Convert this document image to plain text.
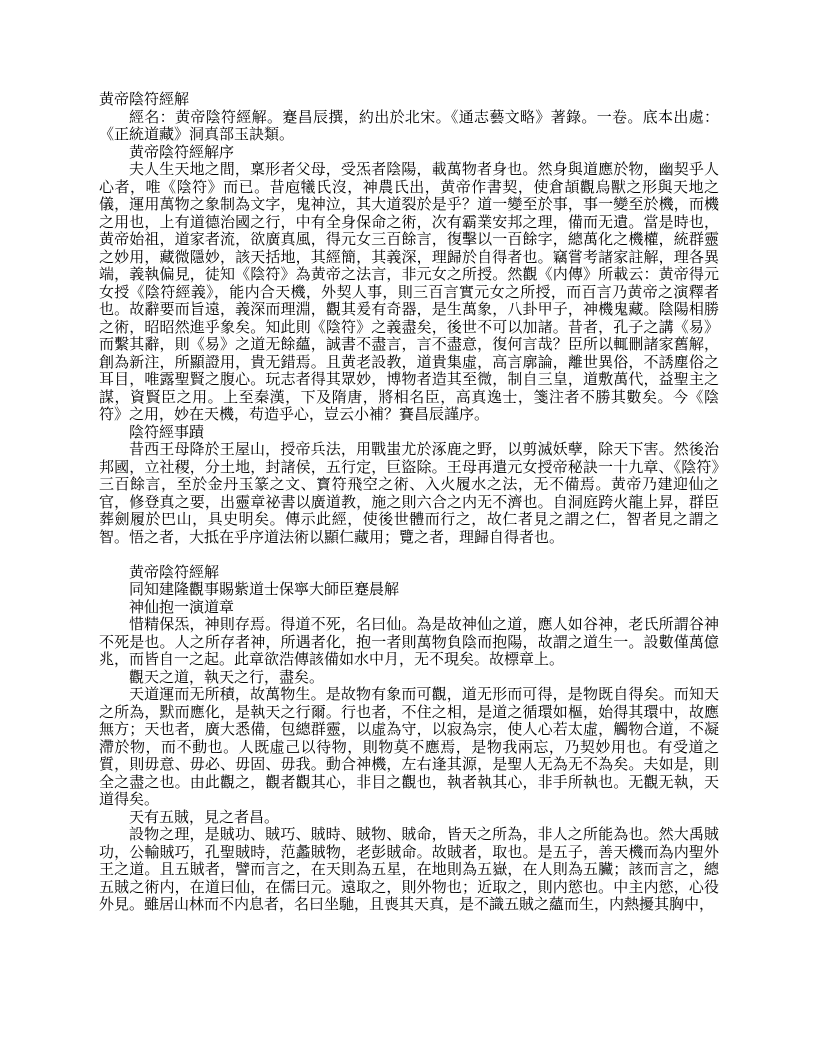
黄帝陰符經解

經名：黄帝陰符經解。蹇昌辰撰，約出於北宋。《通志藝文略》著錄。一卷。底本出處：《正統道藏》洞真部玉訣類。

黄帝陰符經解序

夫人生天地之間，稟形者父母，受炁者陰陽，載萬物者身也。然身與道應於物，幽契乎人心者，唯《陰符》而已。昔庖犧氏沒，神農氏出，黄帝作書契，使倉頡觀烏獸之形與天地之儀，運用萬物之象制為文字，鬼神泣，其大道裂於是乎？道一變至於事，事一變至於機，而機之用也，上有道德治國之行，中有全身保命之術，次有霸業安邦之理，備而无遺。當是時也，黄帝始祖，道家者流，欲廣真風，得元女三百餘言，復擊以一百餘字，總萬化之機權，統群靈之妙用，藏微隱妙，該天括地，其經簡，其義深，理歸於自得者也。竊嘗考諸家註解，理各異端，義執偏見，徒知《陰符》為黄帝之法言，非元女之所授。然觀《内傳》所載云：黄帝得元女授《陰符經義》，能内合天機，外契人事，則三百言實元女之所授，而百言乃黄帝之演釋者也。故辭要而旨遠，義深而理淵，觀其爰有奇器，是生萬象，八卦甲子，神機鬼藏。陰陽相勝之術，昭昭然進乎象矣。知此則《陰符》之義盡矣，後世不可以加諸。昔者，孔子之講《易》而繫其辭，則《易》之道无餘蘊，誠書不盡言，言不盡意，復何言哉？臣所以輒刪諸家舊解，創為新注，所顯證用，貴无錯焉。且黄老設教，道貴集虛，高言廓論，離世異俗，不誘塵俗之耳目，唯露聖賢之腹心。玩志者得其眾妙，博物者造其至微，制自三皇，道敷萬代，益聖主之謀，資賢臣之用。上至秦漢，下及隋唐，將相名臣，高真逸士，箋注者不勝其數矣。今《陰符》之用，妙在天機，苟造乎心，豈云小補？賽昌辰謹序。

陰符經事蹟

昔西王母降於王屋山，授帝兵法，用戰蚩尤於涿鹿之野，以剪滅妖孽，除天下害。然後治邦國，立社稷，分土地，封諸侯，五行定，巨盜除。王母再遣元女授帝秘訣一十九章、《陰符》三百餘言，至於金丹玉篆之文、寳符飛空之術、入火履水之法，无不備焉。黄帝乃建迎仙之官，修登真之要，出靈章祕書以廣道教，施之則六合之内无不濟也。自洞庭跨火龍上昇，群臣葬劍履於巴山，具史明矣。傳示此經，使後世體而行之，故仁者見之謂之仁，智者見之謂之智。悟之者，大抵在乎序道法術以顯仁藏用；覽之者，理歸自得者也。

黄帝陰符經解

同知建隆觀事賜紫道士保寧大師臣蹇晨解

神仙抱一演道章

惜精保炁，神則存焉。得道不死，名曰仙。為是故神仙之道，應人如谷神，老氏所謂谷神不死是也。人之所存者神，所遇者化，抱一者則萬物負陰而抱陽，故謂之道生一。設數僅萬億兆，而皆自一之起。此章欲浩傳該備如水中月，无不現矣。故標章上。

觀天之道，執天之行，盡矣。

天道運而无所積，故萬物生。是故物有象而可觀，道无形而可得，是物既自得矣。而知天之所為，默而應化，是執天之行爾。行也者，不住之相，是道之循環如樞，始得其環中，故應無方；天也者，廣大悉備，包總群靈，以虛為守，以寂為宗，使人心若太虛，觸物合道，不凝滯於物，而不動也。人既虛己以待物，則物莫不應焉，是物我兩忘，乃契妙用也。有受道之質，則毋意、毋必、毋固、毋我。動合神機，左右逢其源，是聖人无為无不為矣。夫如是，則全之盡之也。由此觀之，觀者觀其心，非目之觀也，執者執其心，非手所執也。无觀无執，天道得矣。

天有五賊，見之者昌。

設物之理，是賊功、賊巧、賊時、賊物、賊命，皆天之所為，非人之所能為也。然大禹賊功，公輸賊巧，孔聖賊時，范蠡賊物，老彭賊命。故賊者，取也。是五子，善天機而為内聖外王之道。且五賊者，譬而言之，在天則為五星，在地則為五嶽，在人則為五臟；該而言之，總五賊之術内，在道曰仙，在儒曰元。遠取之，則外物也；近取之，則内慾也。中主内慾，心役外見。雖居山林而不内息者，名曰坐馳，且喪其天真，是不識五賊之蘊而生，内熱擾其胸中，
